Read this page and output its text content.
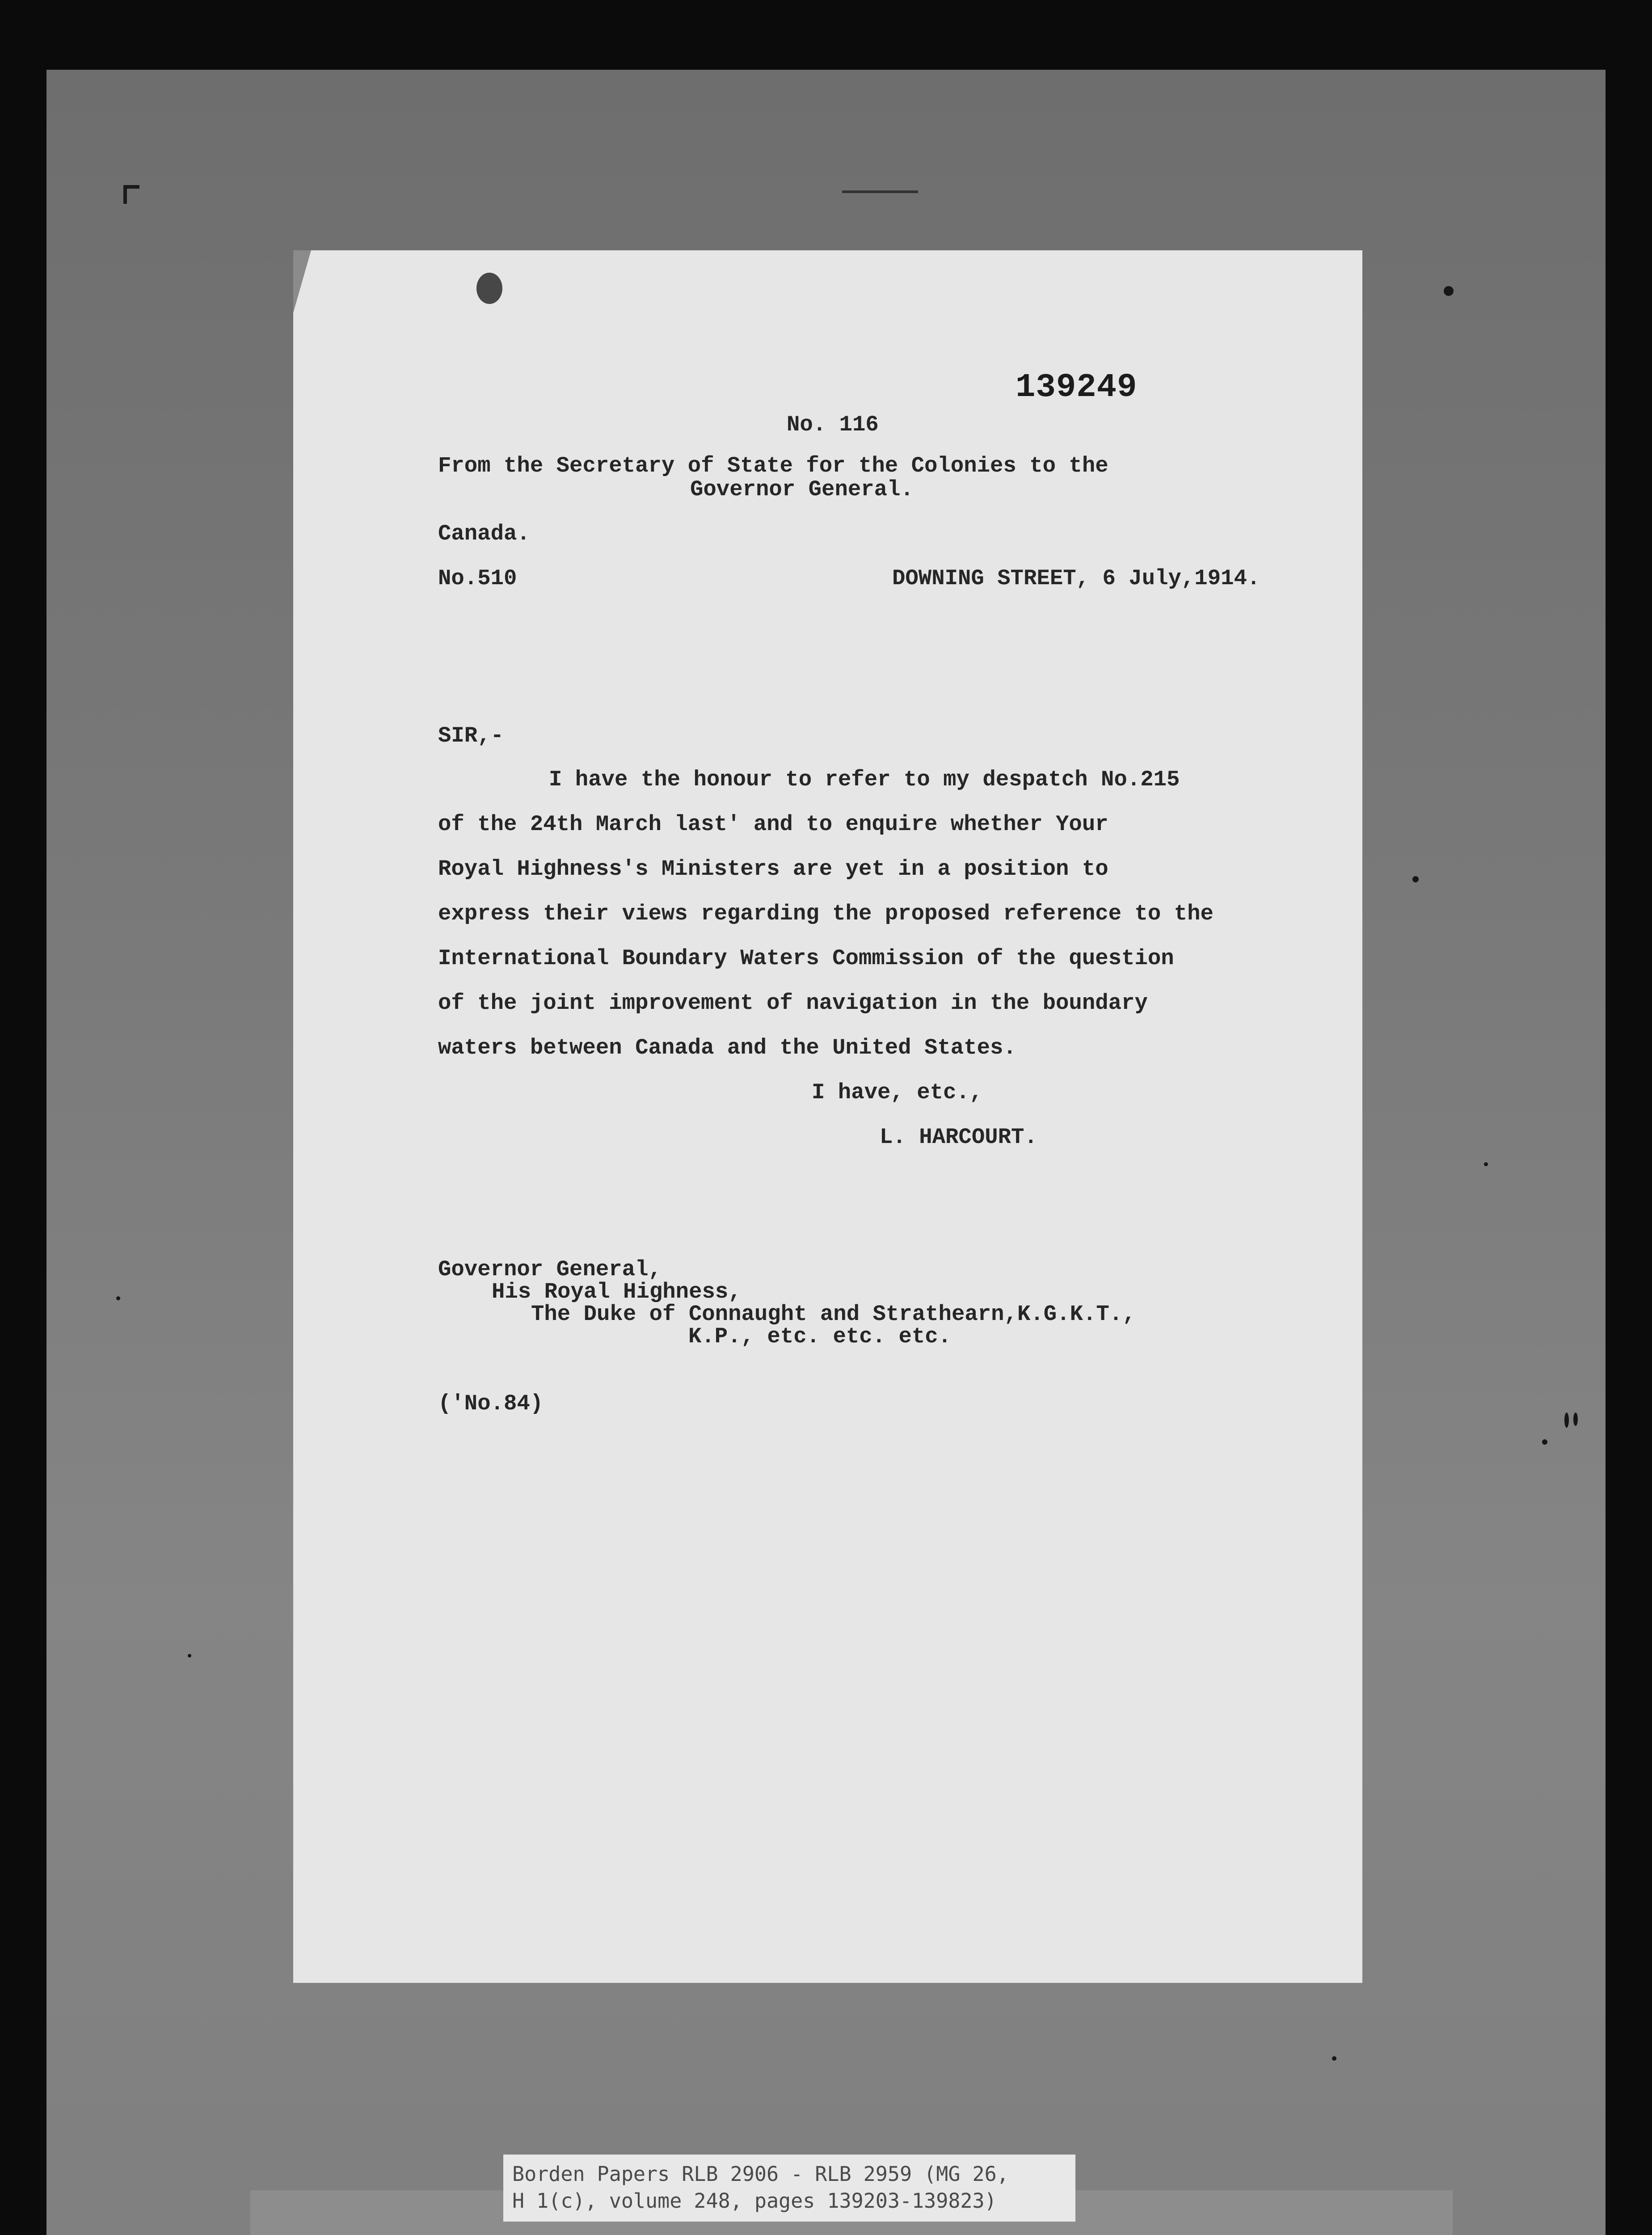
139249
No. 116
From the Secretary of State for the Colonies to the
Governor General.
Canada.
No.510	DOWNING STREET, 6 July,1914.
SIR,-
I have the honour to refer to my despatch No.215
of the 24th March last' and to enquire whether Your
Royal Highness's Ministers are yet in a position to
express their views regarding the proposed reference to the
International Boundary Waters Commission of the question
of the joint improvement of navigation in the boundary
waters between Canada and the United States.
I have, etc.,
L. HARCOURT.
Governor General,
His Royal Highness,
The Duke of Connaught and Strathearn,K.G.K.T.,
K.P., etc. etc. etc.
('No.84)
Borden Papers RLB 2906 - RLB 2959 (MG 26,
H 1(c), volume 248, pages 139203-139823)
